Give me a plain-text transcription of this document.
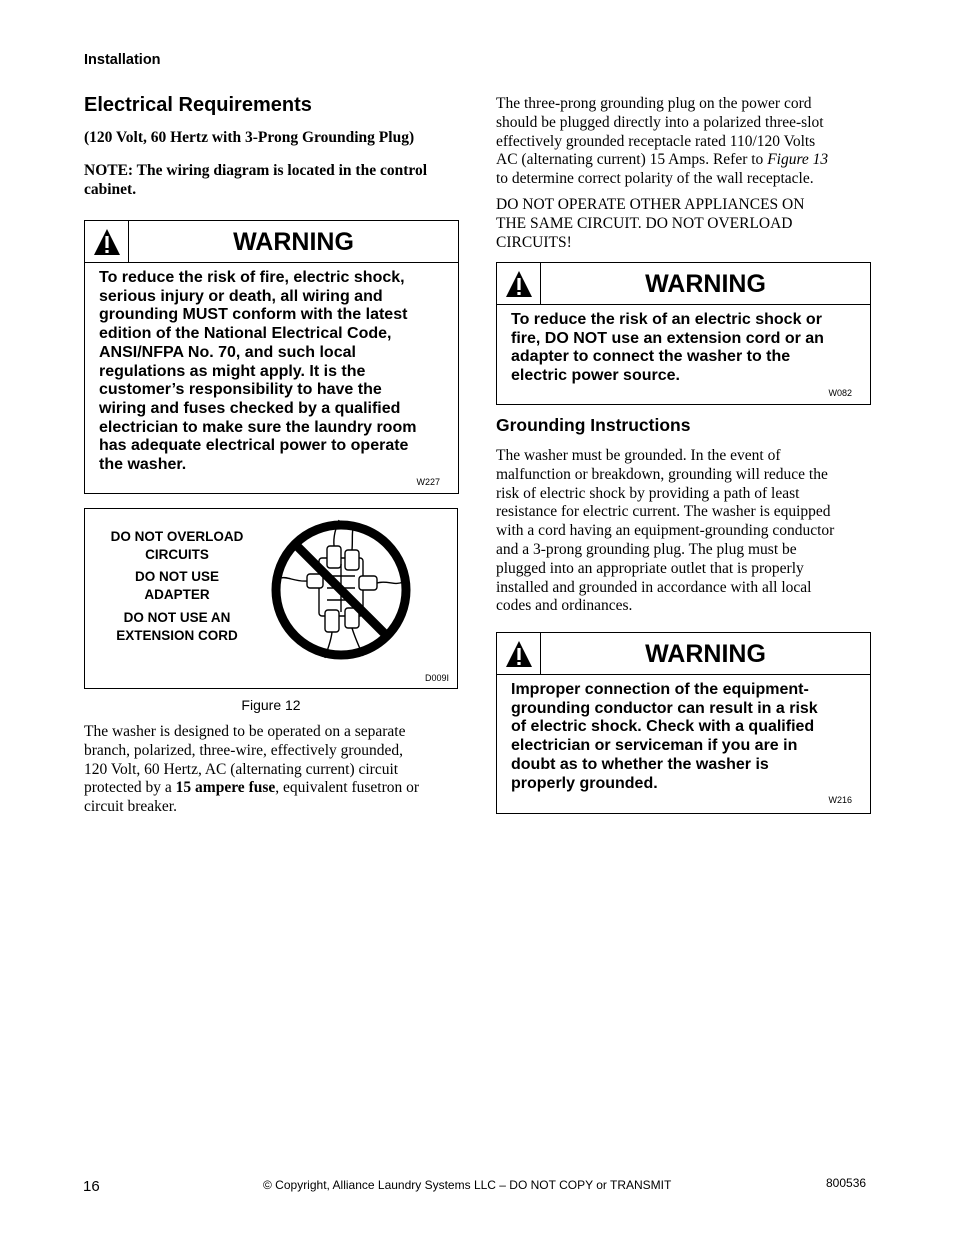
Installation
Electrical Requirements
(120 Volt, 60 Hertz with 3-Prong Grounding Plug)
NOTE: The wiring diagram is located in the control cabinet.
WARNING
To reduce the risk of fire, electric shock,
serious injury or death, all wiring and
grounding MUST conform with the latest
edition of the National Electrical Code,
ANSI/NFPA No. 70, and such local
regulations as might apply. It is the
customer’s responsibility to have the
wiring and fuses checked by a qualified
electrician to make sure the laundry room
has adequate electrical power to operate
the washer.
W227
DO NOT OVERLOAD
CIRCUITS
DO NOT USE
ADAPTER
DO NOT USE AN
EXTENSION CORD
D009I
Figure 12
The washer is designed to be operated on a separate
branch, polarized, three-wire, effectively grounded,
120 Volt, 60 Hertz, AC (alternating current) circuit
protected by a 15 ampere fuse, equivalent fusetron or
circuit breaker.
The three-prong grounding plug on the power cord
should be plugged directly into a polarized three-slot
effectively grounded receptacle rated 110/120 Volts
AC (alternating current) 15 Amps. Refer to Figure 13
to determine correct polarity of the wall receptacle.
DO NOT OPERATE OTHER APPLIANCES ON
THE SAME CIRCUIT. DO NOT OVERLOAD
CIRCUITS!
WARNING
To reduce the risk of an electric shock or
fire, DO NOT use an extension cord or an
adapter to connect the washer to the
electric power source.
W082
Grounding Instructions
The washer must be grounded. In the event of
malfunction or breakdown, grounding will reduce the
risk of electric shock by providing a path of least
resistance for electric current. The washer is equipped
with a cord having an equipment-grounding conductor
and a 3-prong grounding plug. The plug must be
plugged into an appropriate outlet that is properly
installed and grounded in accordance with all local
codes and ordinances.
WARNING
Improper connection of the equipment-
grounding conductor can result in a risk
of electric shock. Check with a qualified
electrician or serviceman if you are in
doubt as to whether the washer is
properly grounded.
W216
16	© Copyright, Alliance Laundry Systems LLC – DO NOT COPY or TRANSMIT	800536
